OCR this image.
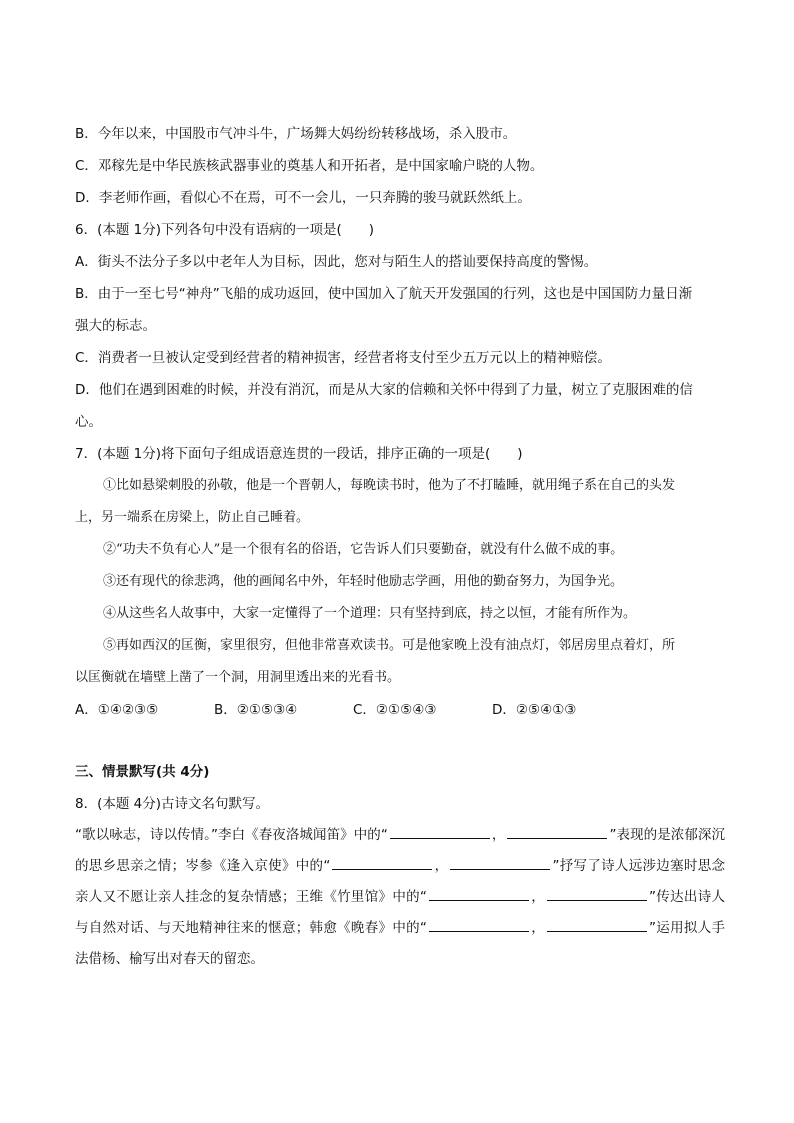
B．今年以来，中国股市气冲斗牛，广场舞大妈纷纷转移战场，杀入股市。
C．邓稼先是中华民族核武器事业的奠基人和开拓者，是中国家喻户晓的人物。
D．李老师作画，看似心不在焉，可不一会儿，一只奔腾的骏马就跃然纸上。
6．(本题 1分)下列各句中没有语病的一项是(　　)
A．街头不法分子多以中老年人为目标，因此，您对与陌生人的搭讪要保持高度的警惕。
B．由于一至七号“神舟”飞船的成功返回，使中国加入了航天开发强国的行列，这也是中国国防力量日渐
强大的标志。
C．消费者一旦被认定受到经营者的精神损害，经营者将支付至少五万元以上的精神赔偿。
D．他们在遇到困难的时候，并没有消沉，而是从大家的信赖和关怀中得到了力量，树立了克服困难的信
心。
7．(本题 1分)将下面句子组成语意连贯的一段话，排序正确的一项是(　　)
①比如悬梁刺股的孙敬，他是一个晋朝人，每晚读书时，他为了不打瞌睡，就用绳子系在自己的头发
上，另一端系在房梁上，防止自己睡着。
②“功夫不负有心人”是一个很有名的俗语，它告诉人们只要勤奋，就没有什么做不成的事。
③还有现代的徐悲鸿，他的画闻名中外，年轻时他励志学画，用他的勤奋努力，为国争光。
④从这些名人故事中，大家一定懂得了一个道理：只有坚持到底，持之以恒，才能有所作为。
⑤再如西汉的匡衡，家里很穷，但他非常喜欢读书。可是他家晚上没有油点灯，邻居房里点着灯，所
以匡衡就在墙壁上凿了一个洞，用洞里透出来的光看书。
A．①④②③⑤	B．②①⑤③④	C．②①⑤④③	D．②⑤④①③
三、情景默写(共 4分)
8．(本题 4分)古诗文名句默写。
“歌以咏志，诗以传情。”李白《春夜洛城闻笛》中的“	，	”表现的是浓郁深沉的思乡思亲之情；岑参《逢入京使》中的“	，	”抒写了诗人远涉边塞时思念亲人又不愿让亲人挂念的复杂情感；王维《竹里馆》中的“	，	”传达出诗人与自然对话、与天地精神往来的惬意；韩愈《晚春》中的“	，	”运用拟人手法借杨、榆写出对春天的留恋。
